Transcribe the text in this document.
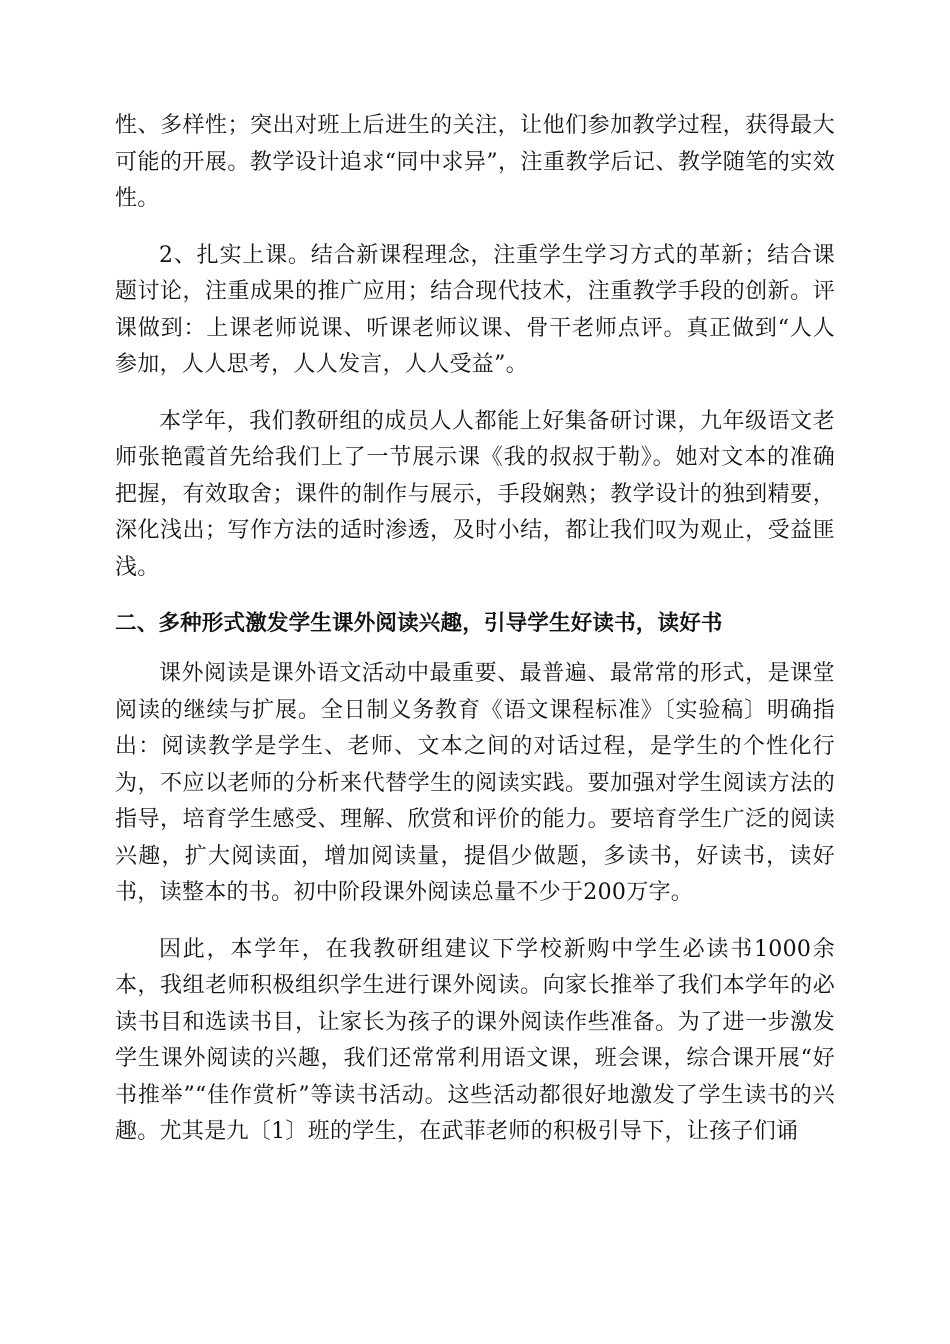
性、多样性；突出对班上后进生的关注，让他们参加教学过程，获得最大可能的开展。教学设计追求“同中求异”，注重教学后记、教学随笔的实效性。

2、扎实上课。结合新课程理念，注重学生学习方式的革新；结合课题讨论，注重成果的推广应用；结合现代技术，注重教学手段的创新。评课做到：上课老师说课、听课老师议课、骨干老师点评。真正做到“人人参加，人人思考，人人发言，人人受益”。

本学年，我们教研组的成员人人都能上好集备研讨课，九年级语文老师张艳霞首先给我们上了一节展示课《我的叔叔于勒》。她对文本的准确把握，有效取舍；课件的制作与展示，手段娴熟；教学设计的独到精要，深化浅出；写作方法的适时渗透，及时小结，都让我们叹为观止，受益匪浅。

二、多种形式激发学生课外阅读兴趣，引导学生好读书，读好书

课外阅读是课外语文活动中最重要、最普遍、最常常的形式，是课堂阅读的继续与扩展。全日制义务教育《语文课程标准》〔实验稿〕明确指出：阅读教学是学生、老师、文本之间的对话过程，是学生的个性化行为，不应以老师的分析来代替学生的阅读实践。要加强对学生阅读方法的指导，培育学生感受、理解、欣赏和评价的能力。要培育学生广泛的阅读兴趣，扩大阅读面，增加阅读量，提倡少做题，多读书，好读书，读好书，读整本的书。初中阶段课外阅读总量不少于200万字。

因此，本学年，在我教研组建议下学校新购中学生必读书1000余本，我组老师积极组织学生进行课外阅读。向家长推举了我们本学年的必读书目和选读书目，让家长为孩子的课外阅读作些准备。为了进一步激发学生课外阅读的兴趣，我们还常常利用语文课，班会课，综合课开展“好书推举”“佳作赏析”等读书活动。这些活动都很好地激发了学生读书的兴趣。尤其是九〔1〕班的学生，在武菲老师的积极引导下，让孩子们诵
